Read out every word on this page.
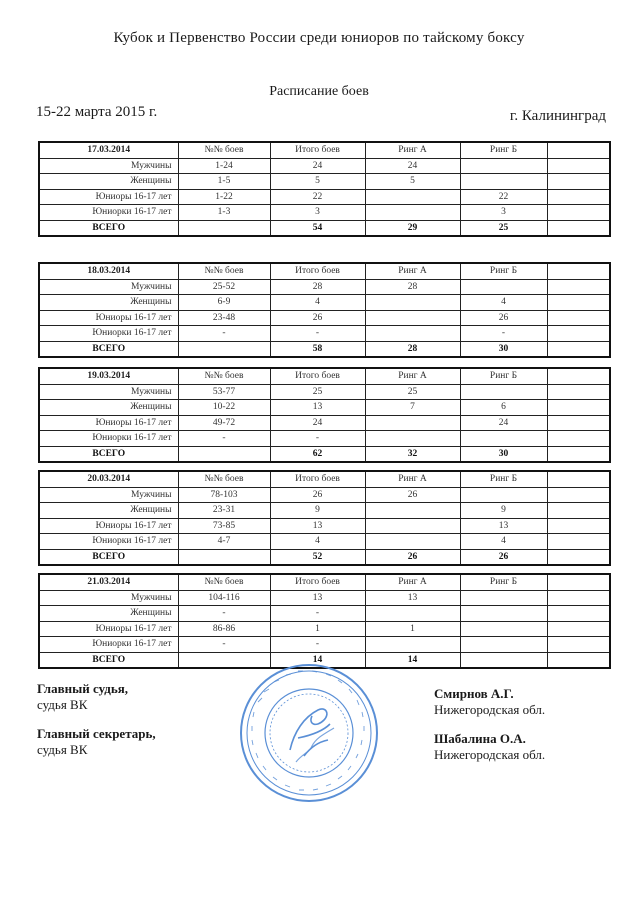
Кубок и Первенство России среди юниоров по тайскому боксу
Расписание боев
15-22 марта 2015 г.	г. Калининград
17.03.2014	№№ боев	Итого боев	Ринг А	Ринг Б	
Мужчины	1-24	24	24		
Женщины	1-5	5	5		
Юниоры 16-17 лет	1-22	22		22	
Юниорки 16-17 лет	1-3	3		3	
ВСЕГО		54	29	25	
18.03.2014	№№ боев	Итого боев	Ринг А	Ринг Б	
Мужчины	25-52	28	28		
Женщины	6-9	4		4	
Юниоры 16-17 лет	23-48	26		26	
Юниорки 16-17 лет	-	-		-	
ВСЕГО		58	28	30	
19.03.2014	№№ боев	Итого боев	Ринг А	Ринг Б	
Мужчины	53-77	25	25		
Женщины	10-22	13	7	6	
Юниоры 16-17 лет	49-72	24		24	
Юниорки 16-17 лет	-	-			
ВСЕГО		62	32	30	
20.03.2014	№№ боев	Итого боев	Ринг А	Ринг Б	
Мужчины	78-103	26	26		
Женщины	23-31	9		9	
Юниоры 16-17 лет	73-85	13		13	
Юниорки 16-17 лет	4-7	4		4	
ВСЕГО		52	26	26	
21.03.2014	№№ боев	Итого боев	Ринг А	Ринг Б	
Мужчины	104-116	13	13		
Женщины	-	-			
Юниоры 16-17 лет	86-86	1	1		
Юниорки 16-17 лет	-	-			
ВСЕГО		14	14		
Главный судья,
судья ВК
Главный секретарь,
судья ВК
Смирнов А.Г.
Нижегородская обл.
Шабалина О.А.
Нижегородская обл.
